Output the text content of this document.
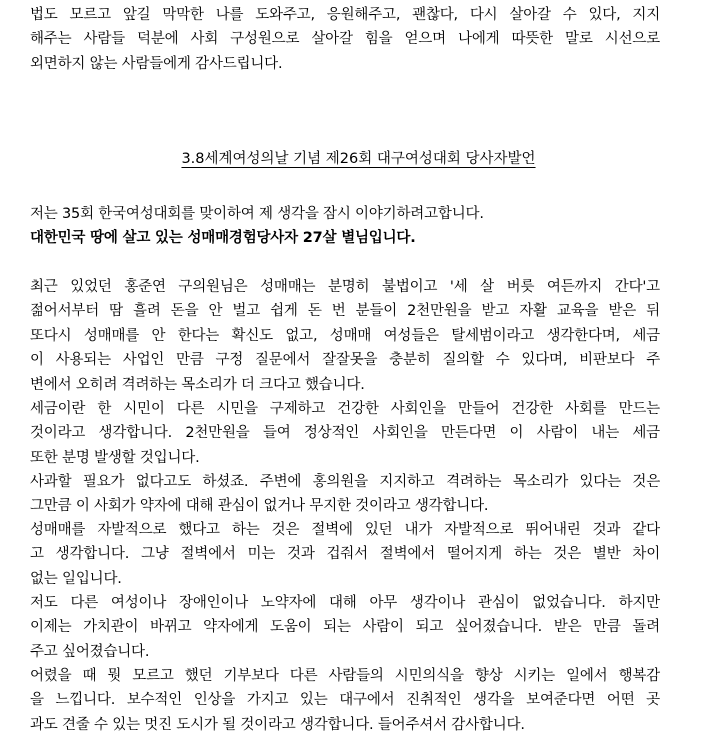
법도 모르고 앞길 막막한 나를 도와주고, 응원해주고, 괜찮다, 다시 살아갈 수 있다, 지지
해주는 사람들 덕분에 사회 구성원으로 살아갈 힘을 얻으며 나에게 따뜻한 말로 시선으로
외면하지 않는 사람들에게 감사드립니다.
3.8세계여성의날 기념 제26회 대구여성대회 당사자발언
저는 35회 한국여성대회를 맞이하여 제 생각을 잠시 이야기하려고합니다.
대한민국 땅에 살고 있는 성매매경험당사자 27살 별님입니다.
최근 있었던 홍준연 구의원님은 성매매는 분명히 불법이고 '세 살 버릇 여든까지 간다'고
젊어서부터 땀 흘려 돈을 안 벌고 쉽게 돈 번 분들이 2천만원을 받고 자활 교육을 받은 뒤
또다시 성매매를 안 한다는 확신도 없고, 성매매 여성들은 탈세범이라고 생각한다며, 세금
이 사용되는 사업인 만큼 구정 질문에서 잘잘못을 충분히 질의할 수 있다며, 비판보다 주
변에서 오히려 격려하는 목소리가 더 크다고 했습니다.
세금이란 한 시민이 다른 시민을 구제하고 건강한 사회인을 만들어 건강한 사회를 만드는
것이라고 생각합니다. 2천만원을 들여 정상적인 사회인을 만든다면 이 사람이 내는 세금
또한 분명 발생할 것입니다.
사과할 필요가 없다고도 하셨죠. 주변에 홍의원을 지지하고 격려하는 목소리가 있다는 것은
그만큼 이 사회가 약자에 대해 관심이 없거나 무지한 것이라고 생각합니다.
성매매를 자발적으로 했다고 하는 것은 절벽에 있던 내가 자발적으로 뛰어내린 것과 같다
고 생각합니다. 그냥 절벽에서 미는 것과 겁줘서 절벽에서 떨어지게 하는 것은 별반 차이
없는 일입니다.
저도 다른 여성이나 장애인이나 노약자에 대해 아무 생각이나 관심이 없었습니다. 하지만
이제는 가치관이 바뀌고 약자에게 도움이 되는 사람이 되고 싶어졌습니다. 받은 만큼 돌려
주고 싶어졌습니다.
어렸을 때 뭣 모르고 했던 기부보다 다른 사람들의 시민의식을 향상 시키는 일에서 행복감
을 느낍니다. 보수적인 인상을 가지고 있는 대구에서 진취적인 생각을 보여준다면 어떤 곳
과도 견줄 수 있는 멋진 도시가 될 것이라고 생각합니다. 들어주셔서 감사합니다.
